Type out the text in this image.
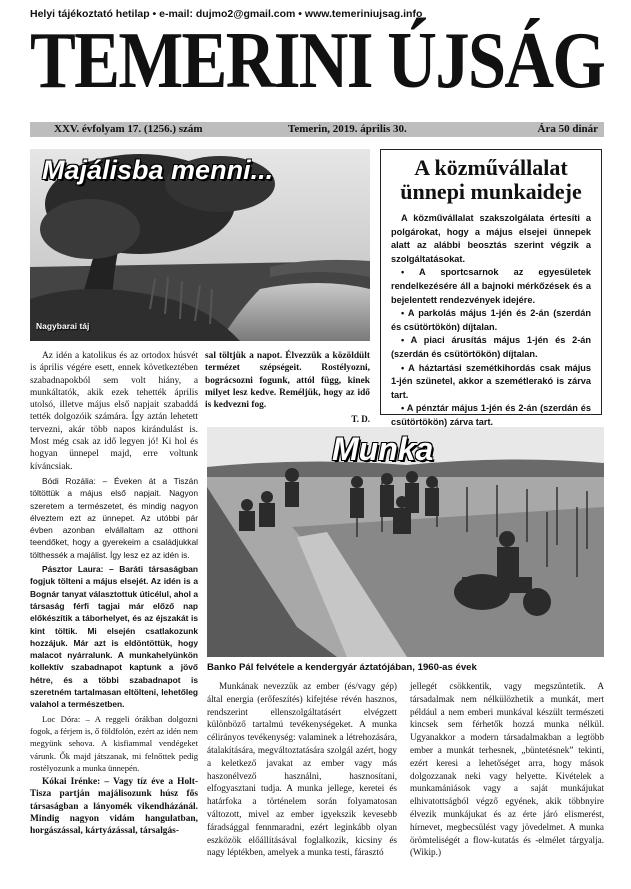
Helyi tájékoztató hetilap • e-mail: dujmo2@gmail.com • www.temeriniujsag.info
TEMERINI ÚJSÁG
XXV. évfolyam 17. (1256.) szám	Temerin, 2019. április 30.	Ára 50 dinár
Majálisba menni...
Nagybarai táj

Az idén a katolikus és az ortodox húsvét is április végére esett, ennek következtében szabadnapokból sem volt hiány, a munkáltatók, akik ezek tehették április utolsó, illetve május első napjait szabaddá tették dolgozóik számára. Így aztán lehetett tervezni, akár több napos kirándulást is. Most még csak az idő legyen jó! Ki hol és hogyan ünnepel majd, erre voltunk kíváncsiak.

Bódi Rozália: – Éveken át a Tiszán töltöttük a május első napjait. Nagyon szeretem a természetet, és mindig nagyon élveztem ezt az ünnepet. Az utóbbi pár évben azonban elvállaltam az otthoni teendőket, hogy a gyerekeim a családjukkal tölthessék a majálist. Így lesz ez az idén is.

Pásztor Laura: – Baráti társaságban fogjuk tölteni a május elsejét. Az idén is a Bognár tanyat választottuk úticélul, ahol a társaság férfi tagjai már előző nap előkészítik a táborhelyet, és az éjszakát is kint töltik. Mi elsején csatlakozunk hozzájuk. Már azt is eldöntöttük, hogy malacot nyárralunk. A munkahelyünkön kollektív szabadnapot kaptunk a jövő hétre, és a többi szabadnapot is szeretném tartalmasan eltölteni, lehetőleg valahol a természetben.

Loc Dóra: – A reggeli órákban dolgozni fogok, a férjem is, ő földfolón, ezért az idén nem megyünk sehova. A kisfiammal vendégeket várunk. Ők majd játszanak, mi felnőttek pedig rostélyozunk a munka ünnepén.

Kókai Irénke: – Vagy tíz éve a Holt-Tisza partján majálisozunk húsz fős társaságban a lányomék vikendházánál. Mindig nagyon vidám hangulatban, horgászással, kártyázással, társalgás-

sal töltjük a napot. Élvezzük a közöldült termézet szépségeit. Rostélyozni, bográcsozni fogunk, attól függ, kinek milyet lesz kedve. Reméljük, hogy az idő is kedvezni fog.

T. D.
A közművállalat ünnepi munkaideje

A közművállalat szakszolgálata értesíti a polgárokat, hogy a május elsejei ünnepek alatt az alábbi beosztás szerint végzik a szolgáltatásokat.

• A sportcsarnok az egyesületek rendelkezésére áll a bajnoki mérkőzések és a bejelentett rendezvények idejére.

• A parkolás május 1-jén és 2-án (szerdán és csütörtökön) díjtalan.

• A piaci árusítás május 1-jén és 2-án (szerdán és csütörtökön) díjtalan.

• A háztartási szemétkihordás csak május 1-jén szünetel, akkor a szemétlerakó is zárva tart.

• A pénztár május 1-jén és 2-án (szerdán és csütörtökön) zárva tart.

Munka
Banko Pál felvétele a kendergyár áztatójában, 1960-as évek

Munkának nevezzük az ember (és/vagy gép) által energia (erőfeszítés) kifejtése révén hasznos, rendszerint ellenszolgáltatásért elvégzett különböző tartalmú tevékenységeket. A munka célirányos tevékenység: valaminek a létrehozására, átalakítására, megváltoztatására szolgál azért, hogy a keletkező javakat az ember vagy más haszonélvező használni, hasznosítani, elfogyasztani tudja. A munka jellege, keretei és határfoka a történelem során folyamatosan változott, mivel az ember igyekszik kevesebb fáradsággal fennmaradni, ezért leginkább olyan eszközök előállításával foglalkozik, kicsiny és nagy léptékben, amelyek a munka testi, fárasztó

jellegét csökkentik, vagy megszüntetik. A társadalmak nem nélkülözhetik a munkát, mert például a nem emberi munkával készült természeti kincsek sem férhetők hozzá munka nélkül. Ugyanakkor a modern társadalmakban a legtöbb ember a munkát terhesnek, „büntetésnek” tekinti, ezért keresi a lehetőséget arra, hogy mások dolgozzanak neki vagy helyette. Kivételek a munkamániások vagy a saját munkájukat elhivatottságból végző egyének, akik többnyire élvezik munkájukat és az érte járó elismerést, hírnevet, megbecsülést vagy jövedelmet. A munka örömteliségét a flow-kutatás és -elmélet tárgyalja. (Wikip.)
